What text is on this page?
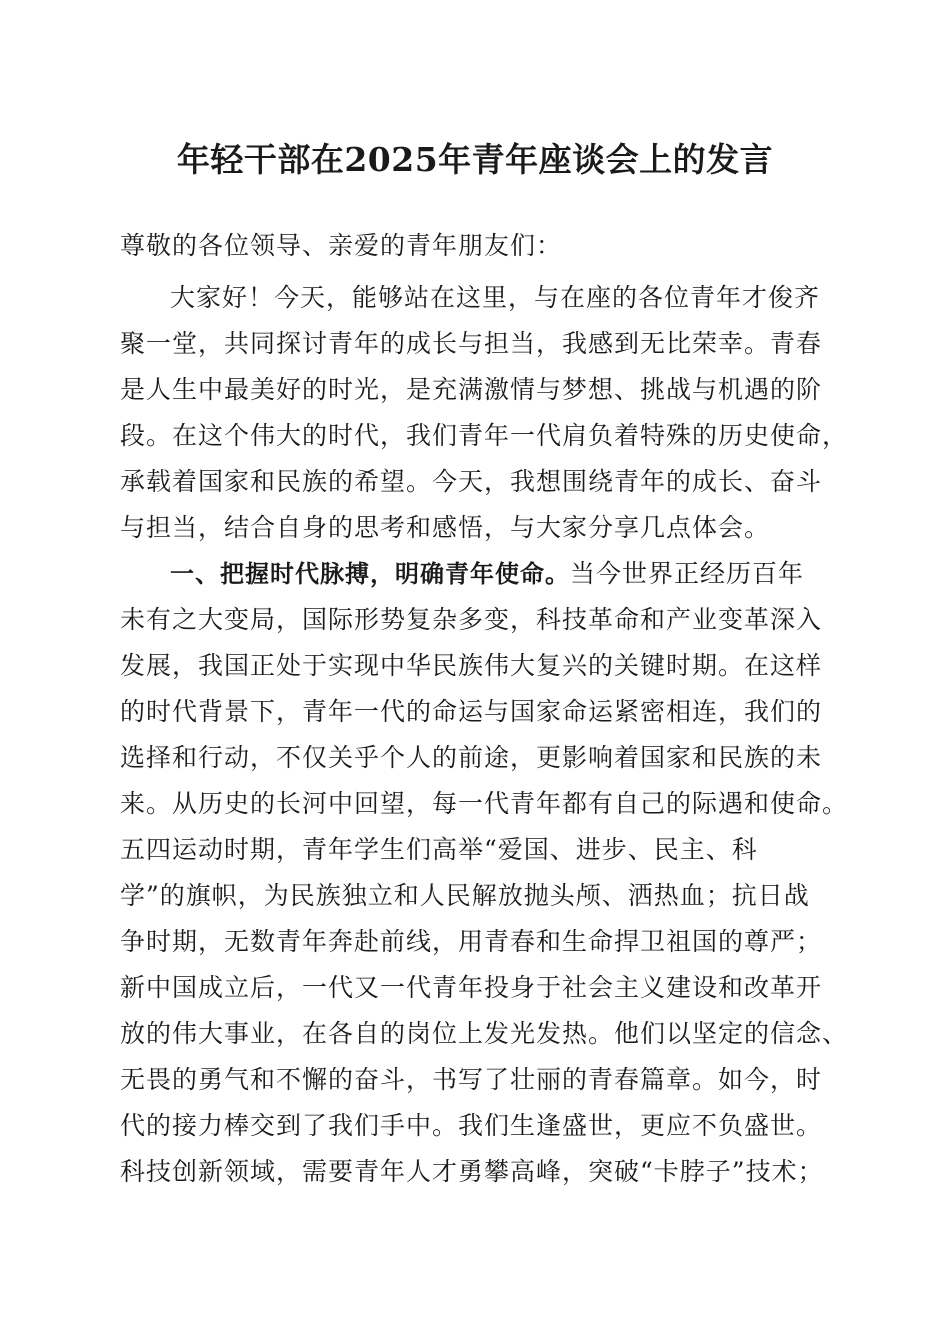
年轻干部在2025年青年座谈会上的发言
尊敬的各位领导、亲爱的青年朋友们：
大家好！今天，能够站在这里，与在座的各位青年才俊齐
聚一堂，共同探讨青年的成长与担当，我感到无比荣幸。青春
是人生中最美好的时光，是充满激情与梦想、挑战与机遇的阶
段。在这个伟大的时代，我们青年一代肩负着特殊的历史使命，
承载着国家和民族的希望。今天，我想围绕青年的成长、奋斗
与担当，结合自身的思考和感悟，与大家分享几点体会。
一、把握时代脉搏，明确青年使命。当今世界正经历百年
未有之大变局，国际形势复杂多变，科技革命和产业变革深入
发展，我国正处于实现中华民族伟大复兴的关键时期。在这样
的时代背景下，青年一代的命运与国家命运紧密相连，我们的
选择和行动，不仅关乎个人的前途，更影响着国家和民族的未
来。从历史的长河中回望，每一代青年都有自己的际遇和使命。
五四运动时期，青年学生们高举“爱国、进步、民主、科
学”的旗帜，为民族独立和人民解放抛头颅、洒热血；抗日战
争时期，无数青年奔赴前线，用青春和生命捍卫祖国的尊严；
新中国成立后，一代又一代青年投身于社会主义建设和改革开
放的伟大事业，在各自的岗位上发光发热。他们以坚定的信念、
无畏的勇气和不懈的奋斗，书写了壮丽的青春篇章。如今，时
代的接力棒交到了我们手中。我们生逢盛世，更应不负盛世。
科技创新领域，需要青年人才勇攀高峰，突破“卡脖子”技术；
